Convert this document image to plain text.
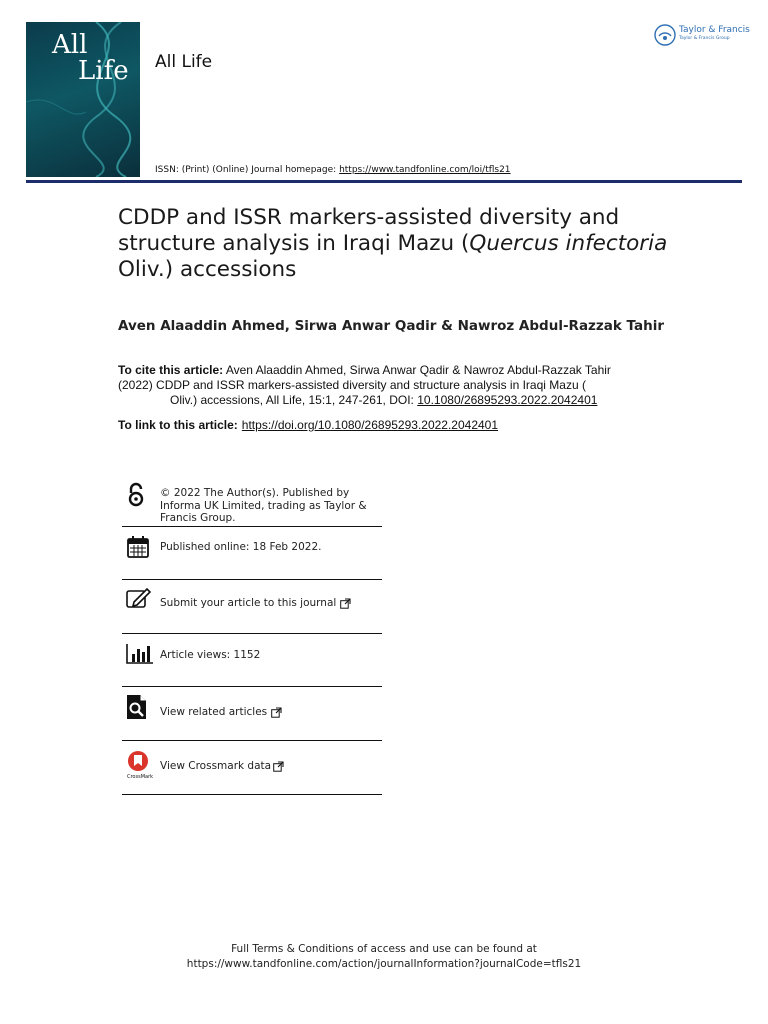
All
Life All Life
ISSN: (Print) (Online) Journal homepage: https://www.tandfonline.com/loi/tfls21
Taylor & Francis
Taylor & Francis Group
CDDP and ISSR markers-assisted diversity and structure analysis in Iraqi Mazu (Quercus infectoria Oliv.) accessions
Aven Alaaddin Ahmed, Sirwa Anwar Qadir & Nawroz Abdul-Razzak Tahir
To cite this article: Aven Alaaddin Ahmed, Sirwa Anwar Qadir & Nawroz Abdul-Razzak Tahir (2022) CDDP and ISSR markers-assisted diversity and structure analysis in Iraqi Mazu (
Oliv.) accessions, All Life, 15:1, 247-261, DOI: 10.1080/26895293.2022.2042401
To link to this article: https://doi.org/10.1080/26895293.2022.2042401
© 2022 The Author(s). Published by Informa UK Limited, trading as Taylor & Francis Group.
Published online: 18 Feb 2022.
Submit your article to this journal
Article views: 1152
View related articles
CrossMark
View Crossmark data
Full Terms & Conditions of access and use can be found at
https://www.tandfonline.com/action/journalInformation?journalCode=tfls21
